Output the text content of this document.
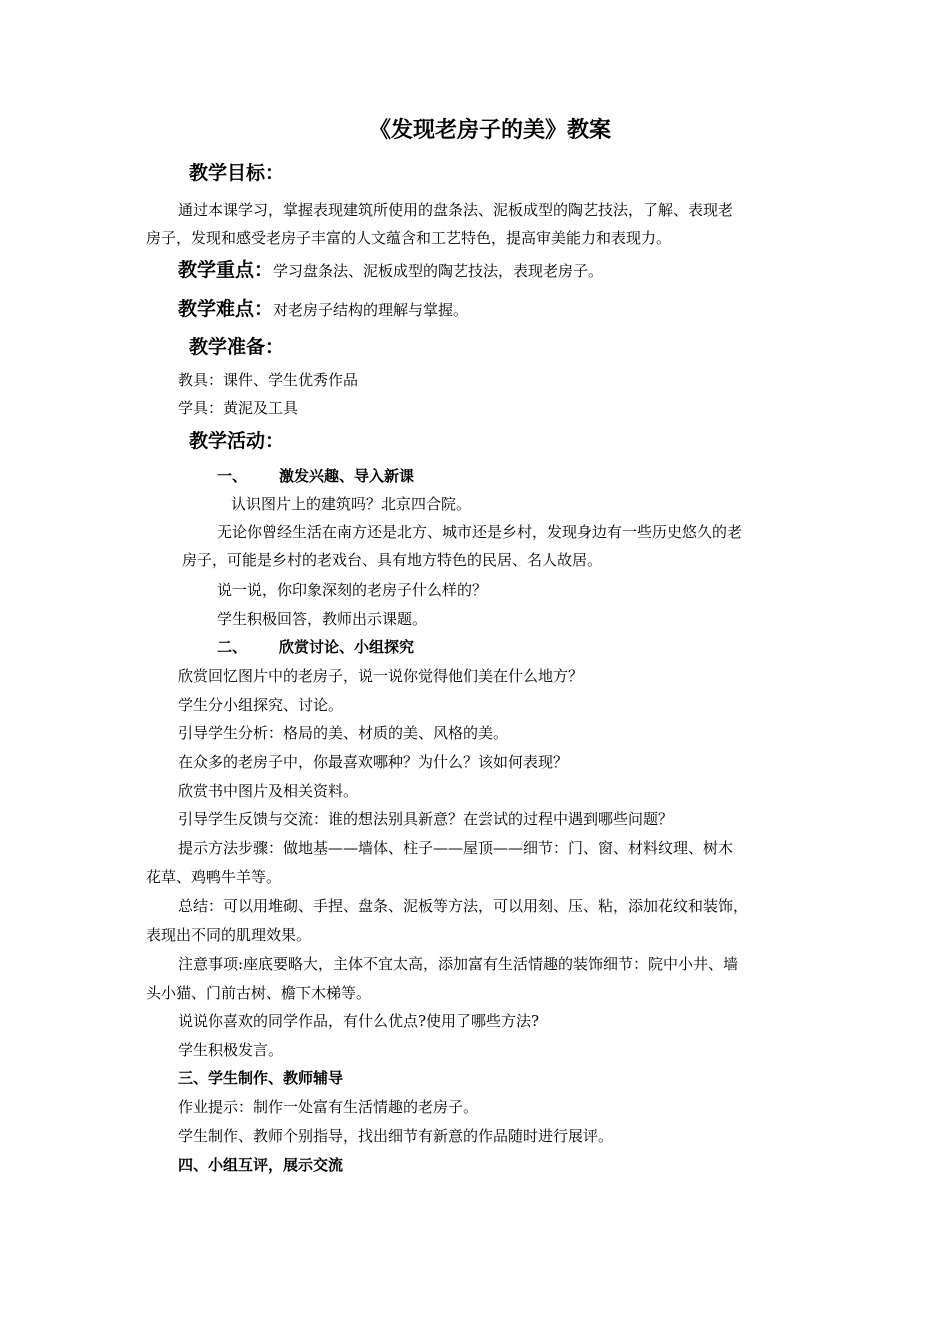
《发现老房子的美》教案
教学目标：
通过本课学习，掌握表现建筑所使用的盘条法、泥板成型的陶艺技法，了解、表现老
房子，发现和感受老房子丰富的人文蕴含和工艺特色，提高审美能力和表现力。
教学重点： 学习盘条法、泥板成型的陶艺技法，表现老房子。
教学难点： 对老房子结构的理解与掌握。
教学准备：
教具：课件、学生优秀作品
学具：黄泥及工具
教学活动：
一、 激发兴趣、导入新课
认识图片上的建筑吗？北京四合院。
无论你曾经生活在南方还是北方、城市还是乡村，发现身边有一些历史悠久的老
房子，可能是乡村的老戏台、具有地方特色的民居、名人故居。
说一说，你印象深刻的老房子什么样的？
学生积极回答，教师出示课题。
二、 欣赏讨论、小组探究
欣赏回忆图片中的老房子，说一说你觉得他们美在什么地方？
学生分小组探究、讨论。
引导学生分析：格局的美、材质的美、风格的美。
在众多的老房子中，你最喜欢哪种？为什么？该如何表现？
欣赏书中图片及相关资料。
引导学生反馈与交流：谁的想法别具新意？在尝试的过程中遇到哪些问题？
提示方法步骤：做地基——墙体、柱子——屋顶——细节：门、窗、材料纹理、树木
花草、鸡鸭牛羊等。
总结：可以用堆砌、手捏、盘条、泥板等方法，可以用刻、压、粘，添加花纹和装饰，
表现出不同的肌理效果。
注意事项:座底要略大，主体不宜太高，添加富有生活情趣的装饰细节：院中小井、墙
头小猫、门前古树、檐下木梯等。
说说你喜欢的同学作品，有什么优点?使用了哪些方法?
学生积极发言。
三、学生制作、教师辅导
作业提示：制作一处富有生活情趣的老房子。
学生制作、教师个别指导，找出细节有新意的作品随时进行展评。
四、小组互评，展示交流
